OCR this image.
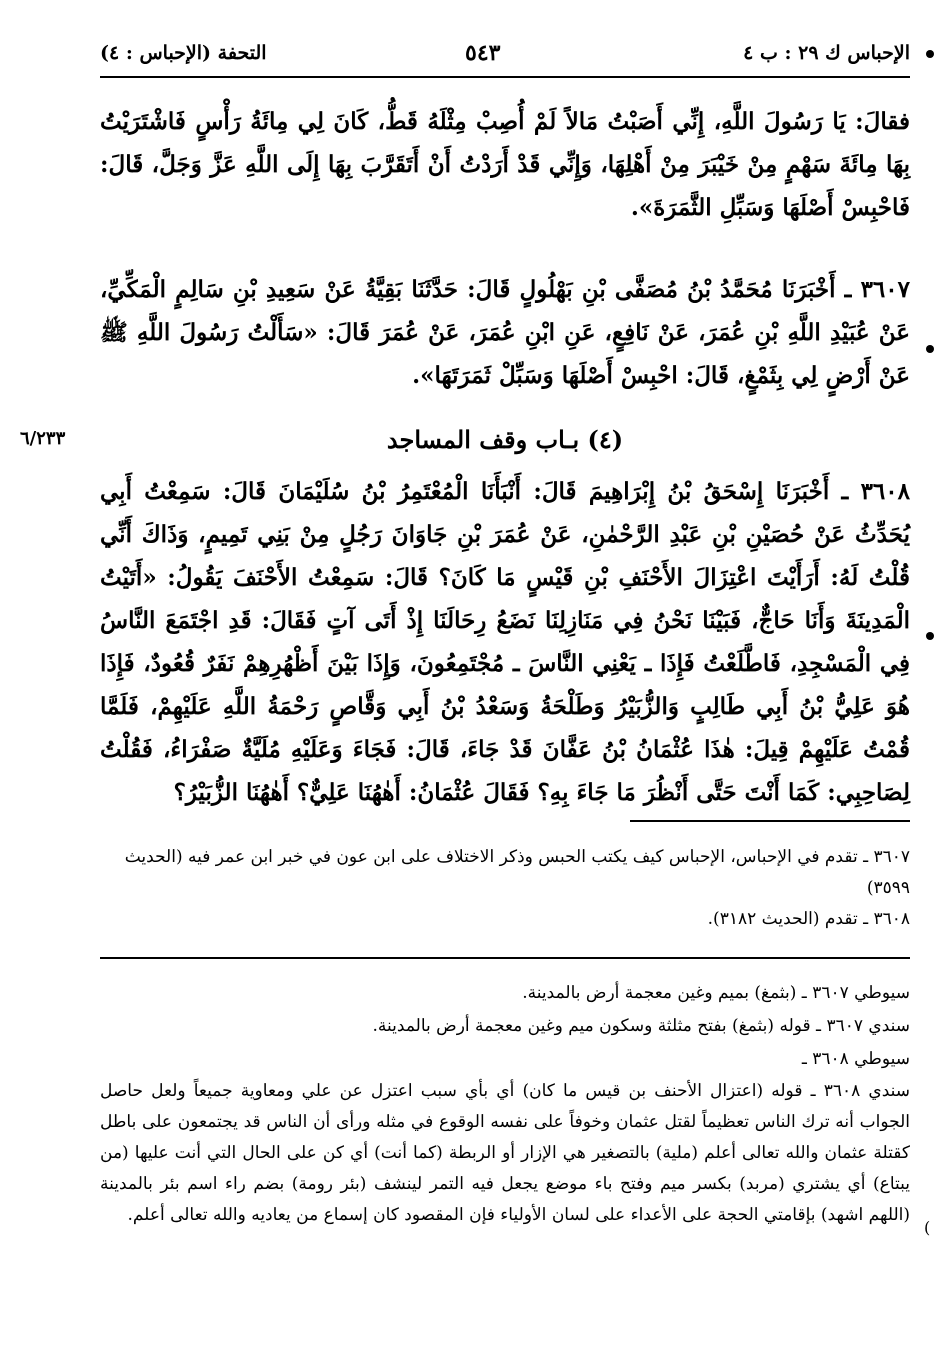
(
الإحباس ك ٢٩ : ب ٤
٥٤٣
التحفة (الإحباس : ٤)
فقالَ: يَا رَسُولَ اللَّهِ، إِنِّي أَصَبْتُ مَالاً لَمْ أُصِبْ مِثْلَهُ قَطُّ، كَانَ لِي مِائَةُ رَأْسٍ فَاشْتَرَيْتُ بِهَا مِائَةَ سَهْمٍ مِنْ خَيْبَرَ مِنْ أَهْلِهَا، وَإِنِّي قَدْ أَرَدْتُ أَنْ أَتَقَرَّبَ بِهَا إِلَى اللَّهِ عَزَّ وَجَلَّ، قَالَ: فَاحْبِسْ أَصْلَهَا وَسَبِّلِ الثَّمَرَةَ».
٣٦٠٧ ـ أَخْبَرَنَا مُحَمَّدُ بْنُ مُصَفَّى بْنِ بَهْلُولٍ قَالَ: حَدَّثَنَا بَقِيَّةُ عَنْ سَعِيدِ بْنِ سَالِمٍ الْمَكِّيِّ، عَنْ عُبَيْدِ اللَّهِ بْنِ عُمَرَ، عَنْ نَافِعٍ، عَنِ ابْنِ عُمَرَ، عَنْ عُمَرَ قَالَ: «سَأَلْتُ رَسُولَ اللَّهِ ﷺ عَنْ أَرْضٍ لِي بِثَمْغٍ، قَالَ: احْبِسْ أَصْلَهَا وَسَبِّلْ ثَمَرَتَهَا».
٦/٢٣٣	(٤) بـاب وقف المساجد
٣٦٠٨ ـ أَخْبَرَنَا إِسْحَقُ بْنُ إِبْرَاهِيمَ قَالَ: أَنْبَأَنَا الْمُعْتَمِرُ بْنُ سُلَيْمَانَ قَالَ: سَمِعْتُ أَبِي يُحَدِّثُ عَنْ حُصَيْنِ بْنِ عَبْدِ الرَّحْمٰنِ، عَنْ عُمَرَ بْنِ جَاوَانَ رَجُلٍ مِنْ بَنِي تَمِيمٍ، وَذَاكَ أَنِّي قُلْتُ لَهُ: أَرَأَيْتَ اعْتِزَالَ الأَحْنَفِ بْنِ قَيْسٍ مَا كَانَ؟ قَالَ: سَمِعْتُ الأَحْنَفَ يَقُولُ: «أَتَيْتُ الْمَدِينَةَ وَأَنَا حَاجٌّ، فَبَيْنَا نَحْنُ فِي مَنَازِلِنَا نَضَعُ رِحَالَنَا إِذْ أَتَى آتٍ فَقَالَ: قَدِ اجْتَمَعَ النَّاسُ فِي الْمَسْجِدِ، فَاطَّلَعْتُ فَإِذَا ـ يَعْنِي النَّاسَ ـ مُجْتَمِعُونَ، وَإِذَا بَيْنَ أَظْهُرِهِمْ نَفَرٌ قُعُودٌ، فَإِذَا هُوَ عَلِيُّ بْنُ أَبِي طَالِبٍ وَالزُّبَيْرُ وَطَلْحَةُ وَسَعْدُ بْنُ أَبِي وَقَّاصٍ رَحْمَةُ اللَّهِ عَلَيْهِمْ، فَلَمَّا قُمْتُ عَلَيْهِمْ قِيلَ: هٰذَا عُثْمَانُ بْنُ عَفَّانَ قَدْ جَاءَ، قَالَ: فَجَاءَ وَعَلَيْهِ مُلَيَّةٌ صَفْرَاءُ، فَقُلْتُ لِصَاحِبِي: كَمَا أَنْتَ حَتَّى أَنْظُرَ مَا جَاءَ بِهِ؟ فَقَالَ عُثْمَانُ: أَهٰهُنَا عَلِيٌّ؟ أَهٰهُنَا الزُّبَيْرُ؟
٣٦٠٧ ـ تقدم في الإحباس، الإحباس كيف يكتب الحبس وذكر الاختلاف على ابن عون في خبر ابن عمر فيه (الحديث ٣٥٩٩)
٣٦٠٨ ـ تقدم (الحديث ٣١٨٢).
سيوطي ٣٦٠٧ ـ (بثمغ) بميم وغين معجمة أرض بالمدينة.
سندي ٣٦٠٧ ـ قوله (بثمغ) بفتح مثلثة وسكون ميم وغين معجمة أرض بالمدينة.
سيوطي ٣٦٠٨ ـ
سندي ٣٦٠٨ ـ قوله (اعتزال الأحنف بن قيس ما كان) أي بأي سبب اعتزل عن علي ومعاوية جميعاً ولعل حاصل الجواب أنه ترك الناس تعظيماً لقتل عثمان وخوفاً على نفسه الوقوع في مثله ورأى أن الناس قد يجتمعون على باطل كقتلة عثمان والله تعالى أعلم (ملية) بالتصغير هي الإزار أو الربطة (كما أنت) أي كن على الحال التي أنت عليها (من يبتاع) أي يشتري (مربد) بكسر ميم وفتح باء موضع يجعل فيه التمر لينشف (بئر رومة) بضم راء اسم بئر بالمدينة (اللهم اشهد) بإقامتي الحجة على الأعداء على لسان الأولياء فإن المقصود كان إسماع من يعاديه والله تعالى أعلم.
